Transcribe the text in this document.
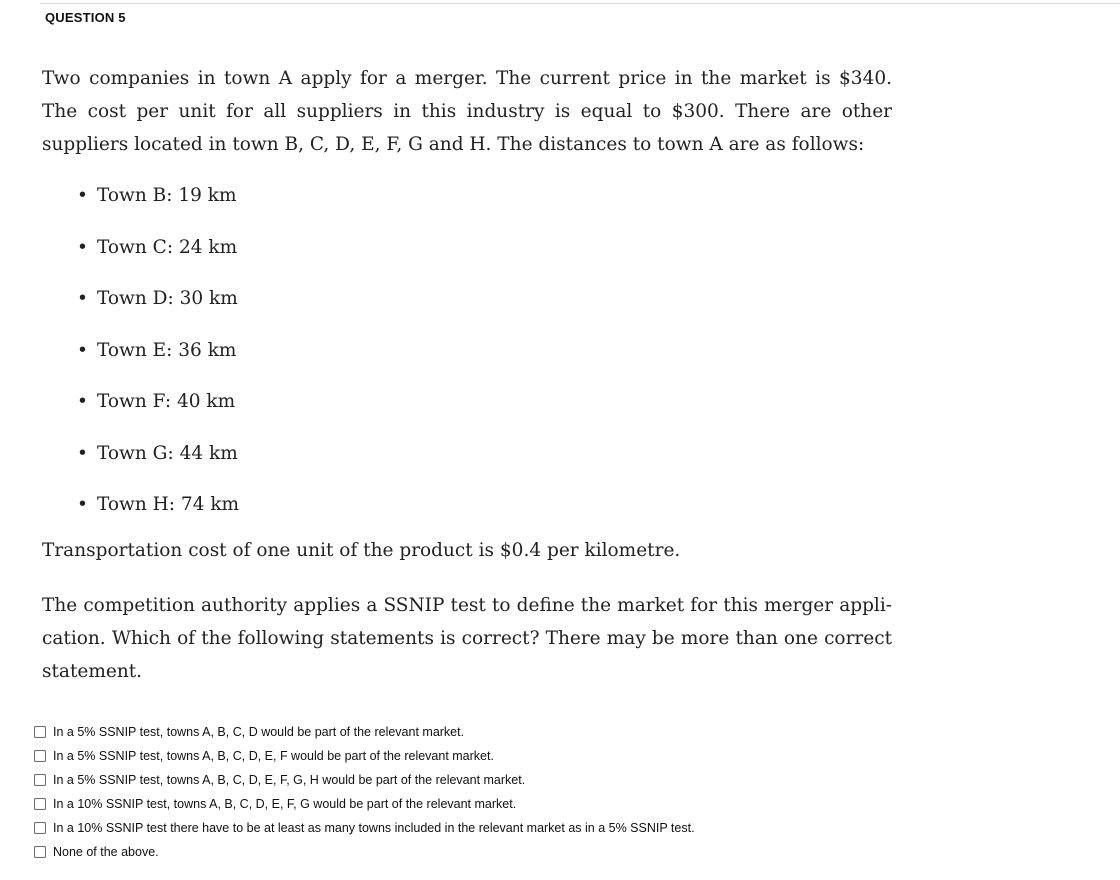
QUESTION 5

Two companies in town A apply for a merger. The current price in the market is $340. The cost per unit for all suppliers in this industry is equal to $300. There are other suppliers located in town B, C, D, E, F, G and H. The distances to town A are as follows:

• Town B: 19 km
• Town C: 24 km
• Town D: 30 km
• Town E: 36 km
• Town F: 40 km
• Town G: 44 km
• Town H: 74 km

Transportation cost of one unit of the product is $0.4 per kilometre.

The competition authority applies a SSNIP test to define the market for this merger appli-cation. Which of the following statements is correct? There may be more than one correct statement.

In a 5% SSNIP test, towns A, B, C, D would be part of the relevant market.
In a 5% SSNIP test, towns A, B, C, D, E, F would be part of the relevant market.
In a 5% SSNIP test, towns A, B, C, D, E, F, G, H would be part of the relevant market.
In a 10% SSNIP test, towns A, B, C, D, E, F, G would be part of the relevant market.
In a 10% SSNIP test there have to be at least as many towns included in the relevant market as in a 5% SSNIP test.
None of the above.
